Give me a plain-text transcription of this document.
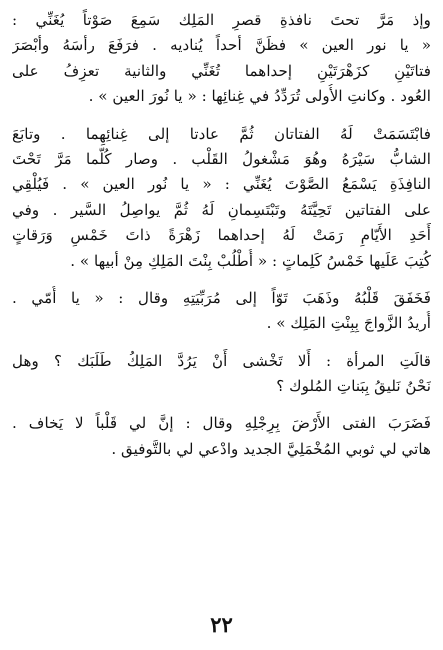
وإذ مَرَّ تحتَ نافذةِ قصرِ المَلِك سَمِعَ صَوْتاً يُغَنِّي :
« يا نور العين » فظَنَّ أحداً يُناديه . فرَفَعَ رأسَهُ وأبْصَرَ
فتاتَيْنِ كزَهْرَتَيْنِ إحداهما تُغَنِّي والثانية تعزِفُ على
العُود . وكانتِ الأُولى تُرَدِّدُ في غِنائِها : « يا نُورَ العين » .
فابْتَسَمَتْ لَهُ الفتاتان ثُمَّ عادتا إلى غِنائِهِما . وتابَعَ
الشابُّ سَيْرَهُ وهُوَ مَشْغولُ القَلْب . وصار كُلَّما مَرَّ تَحْتَ
النافِذَةِ يَسْمَعُ الصَّوْتَ يُغَنِّي : « يا نُور العين » . فَيُلْقِي
على الفتاتين تَحِيَّتَهُ وتَبْتَسِمانِ لَهُ ثُمَّ يواصِلُ السَّير . وفي
أَحَدِ الأَيّامِ رَمَتْ لَهُ إحداهما زَهْرَةً ذاتَ خَمْسِ وَرَقاتٍ
كُتِبَ عَلَيها خَمْسُ كَلِماتٍ : « أُطْلُبْ بِنْتَ المَلِكِ مِنْ أبيها » .
فَخَفَقَ قَلْبُهُ وذَهَبَ تَوّاً إلى مُرَبِّيَتِهِ وقال : « يا أُمّي .
أُريدُ الزَّواجَ بِبِنْتِ المَلِك » .
قالَتِ المرأة : أَلا تَخْشى أَنْ يَرُدَّ المَلِكُ طَلَبَك ؟ وهل
نَحْنُ نَليقُ بِبَناتِ المُلوك ؟
فَضَرَبَ الفتى الأَرْضَ بِرِجْلِهِ وقال : إنَّ لي قَلْباً لا يَخاف .
هاتي لي ثوبي المُخْمَلِيَّ الجديد وادْعي لي بالتَّوفيق .
٢٢
